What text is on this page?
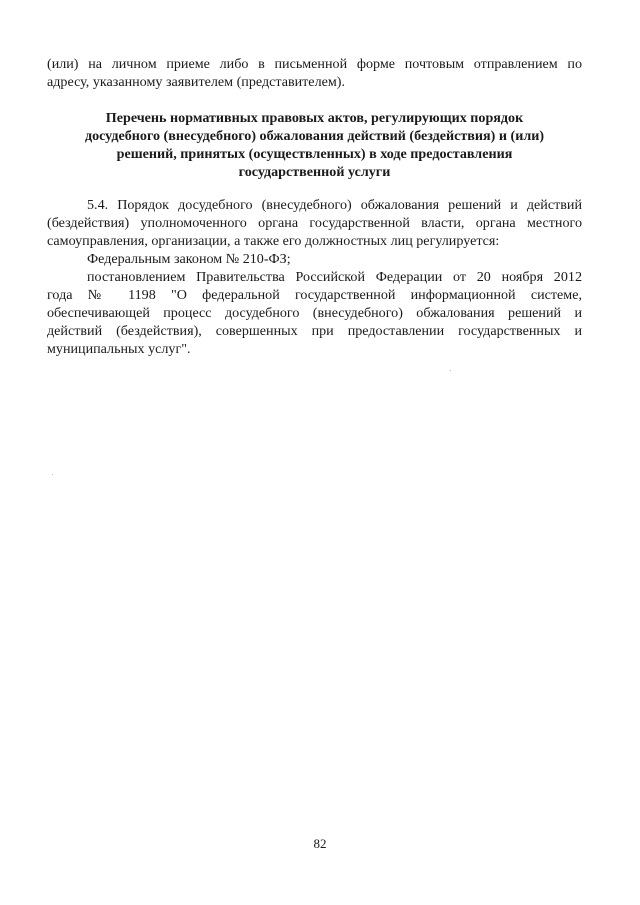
(или) на личном приеме либо в письменной форме почтовым отправлением по
адресу, указанному заявителем (представителем).
Перечень нормативных правовых актов, регулирующих порядок
досудебного (внесудебного) обжалования действий (бездействия) и (или)
решений, принятых (осуществленных) в ходе предоставления
государственной услуги
5.4. Порядок досудебного (внесудебного) обжалования решений и действий
(бездействия) уполномоченного органа государственной власти, органа местного
самоуправления, организации, а также его должностных лиц регулируется:
Федеральным законом № 210-ФЗ;
постановлением Правительства Российской Федерации от 20 ноября 2012
года № 1198 "О федеральной государственной информационной системе,
обеспечивающей процесс досудебного (внесудебного) обжалования решений и
действий (бездействия), совершенных при предоставлении государственных и
муниципальных услуг".
82
